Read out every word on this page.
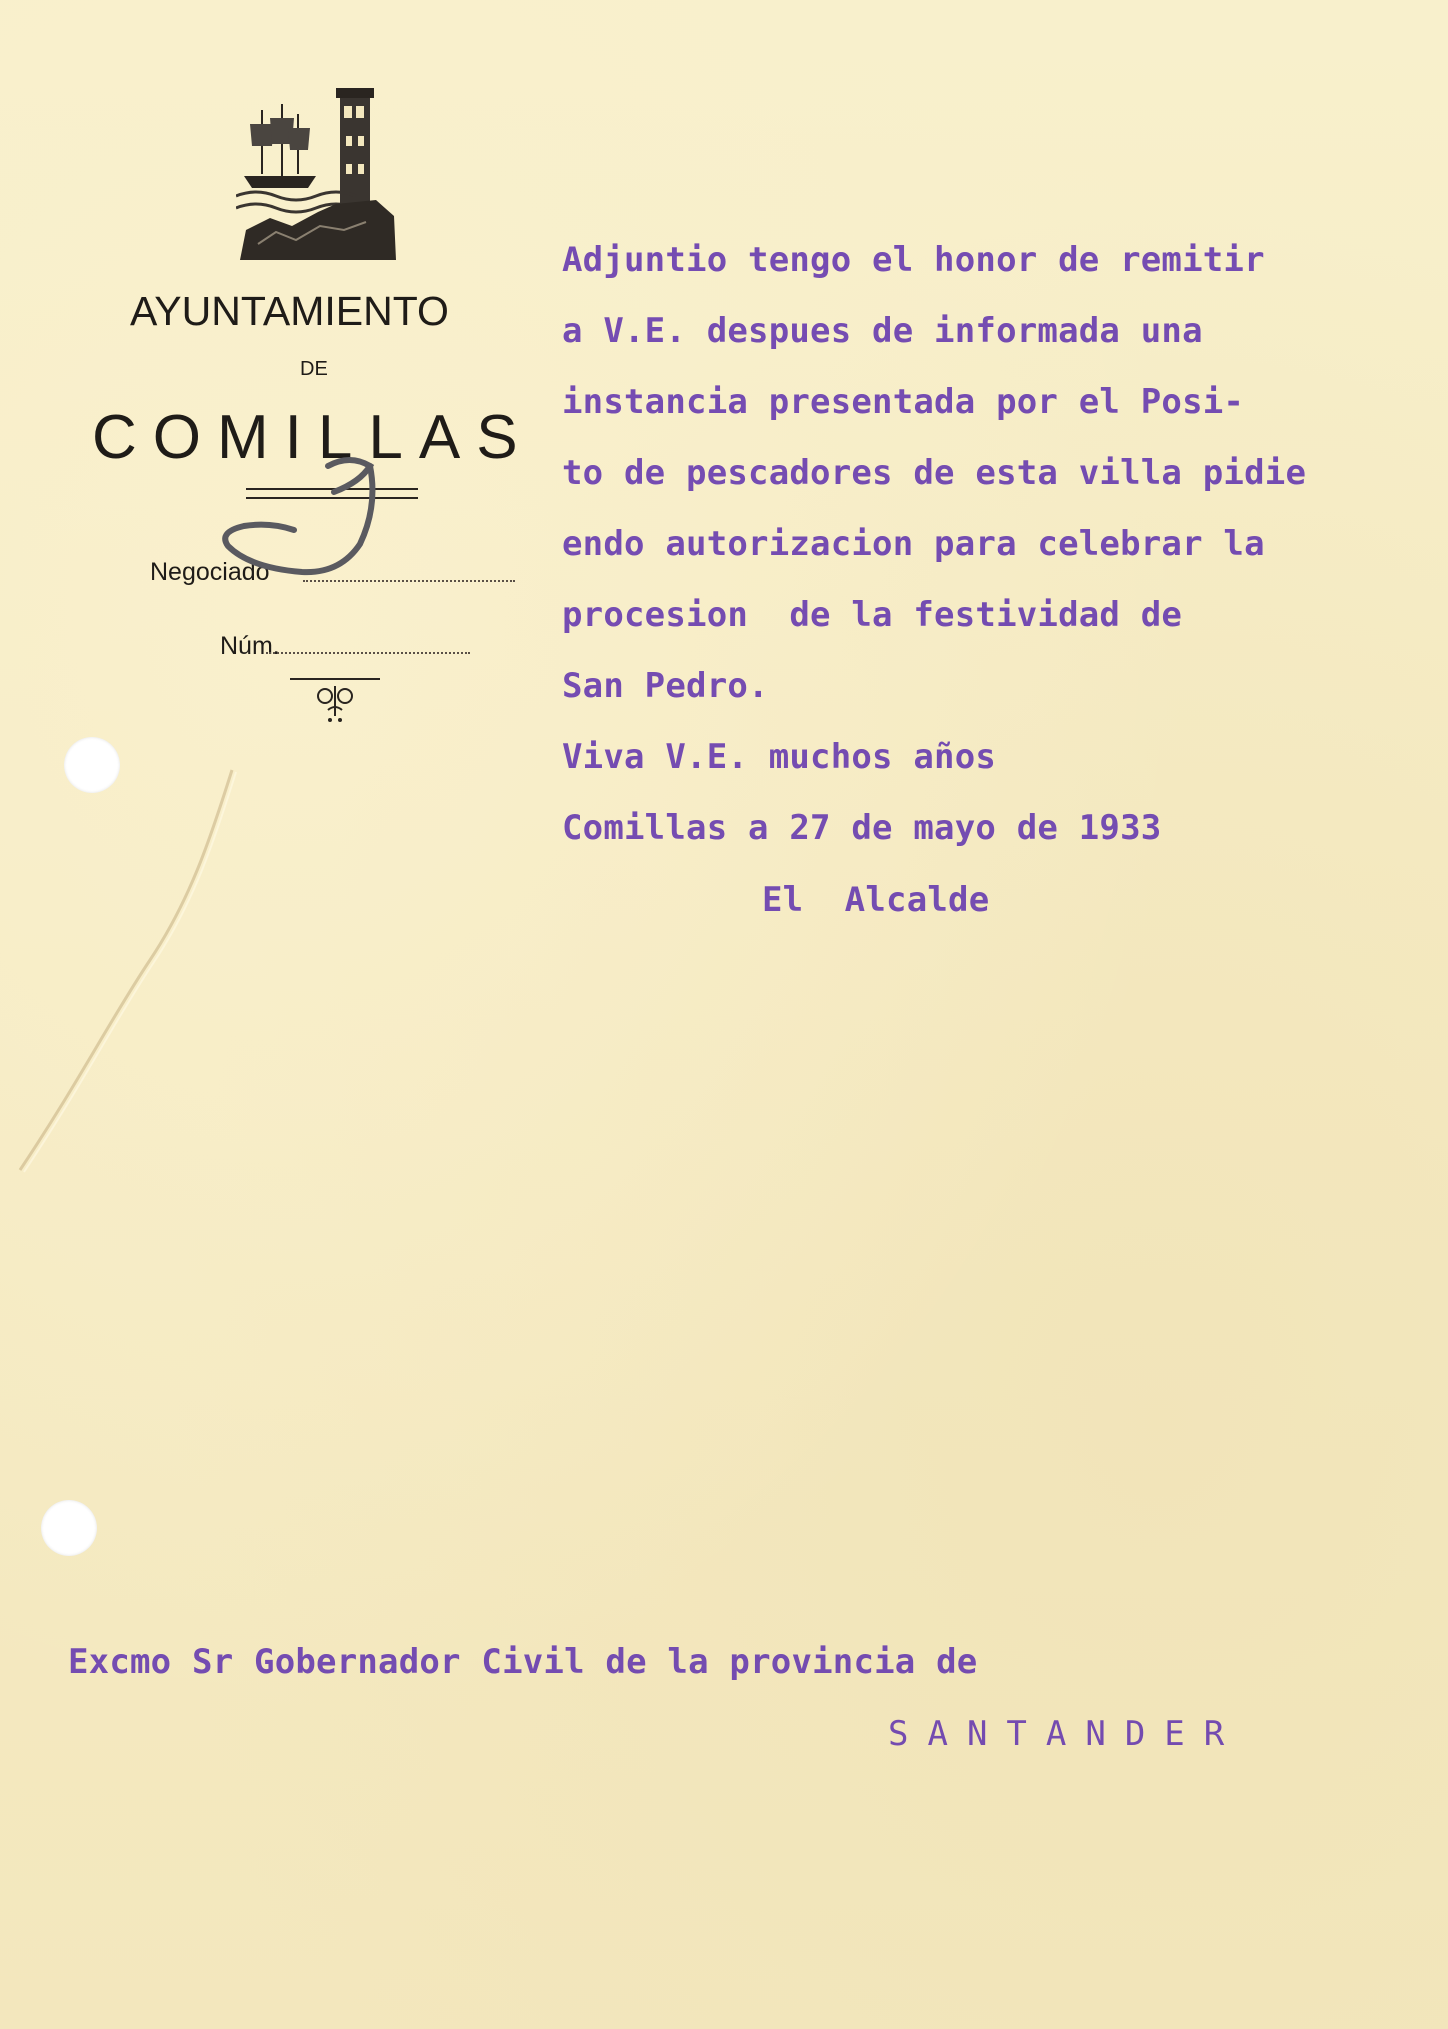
AYUNTAMIENTO
DE
COMILLAS
Negociado
Núm.
Adjuntio tengo el honor de remitir
a V.E. despues de informada una
instancia presentada por el Posi-
to de pescadores de esta villa pidie
endo autorizacion para celebrar la
procesion  de la festividad de
San Pedro.
Viva V.E. muchos años
Comillas a 27 de mayo de 1933
El  Alcalde
Excmo Sr Gobernador Civil de la provincia de
SANTANDER
